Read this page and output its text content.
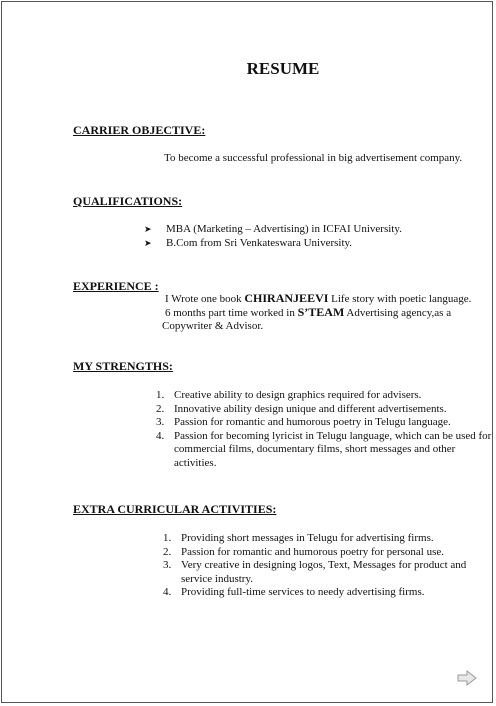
RESUME
CARRIER OBJECTIVE:
To become a successful professional in big advertisement company.
QUALIFICATIONS:
➤ MBA (Marketing – Advertising) in ICFAI University.
➤ B.Com from Sri Venkateswara University.
EXPERIENCE :
I Wrote one book CHIRANJEEVI Life story with poetic language.
6 months part time worked in S’TEAM Advertising agency,as a
Copywriter & Advisor.
MY STRENGTHS:
1. Creative ability to design graphics required for advisers.
2. Innovative ability design unique and different advertisements.
3. Passion for romantic and humorous poetry in Telugu language.
4. Passion for becoming lyricist in Telugu language, which can be used for commercial films, documentary films, short messages and other activities.
EXTRA CURRICULAR ACTIVITIES:
1. Providing short messages in Telugu for advertising firms.
2. Passion for romantic and humorous poetry for personal use.
3. Very creative in designing logos, Text, Messages for product and service industry.
4. Providing full-time services to needy advertising firms.
